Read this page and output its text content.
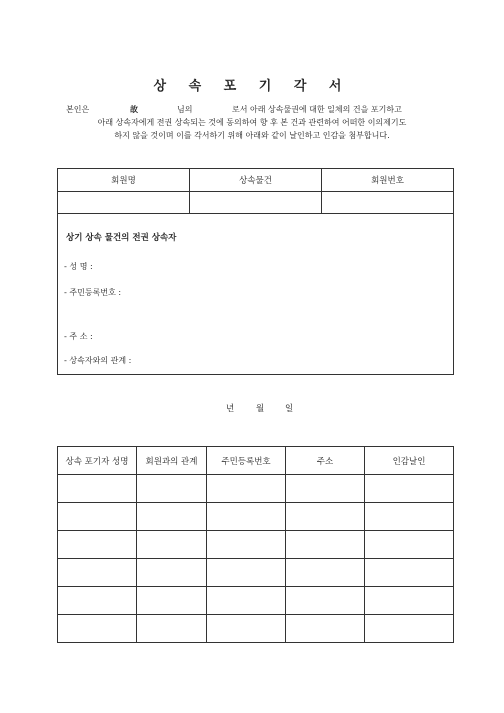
상 속 포 기 각 서
본인은	故	님의	로서 아래 상속물권에 대한 일체의 건을 포기하고
아래 상속자에게 전권 상속되는 것에 동의하여 향 후 본 건과 관련하여 어떠한 이의제기도
하지 않을 것이며 이를 각서하기 위해 아래와 같이 날인하고 인감을 첨부합니다.
회원명	상속물건	회원번호

상기 상속 물건의 전권 상속자
- 성 명 :
- 주민등록번호 :
- 주 소 :
- 상속자와의 관계 :		
년	월 일
상속 포기자 성명	회원과의 관계	주민등록번호	주소	인감날인
